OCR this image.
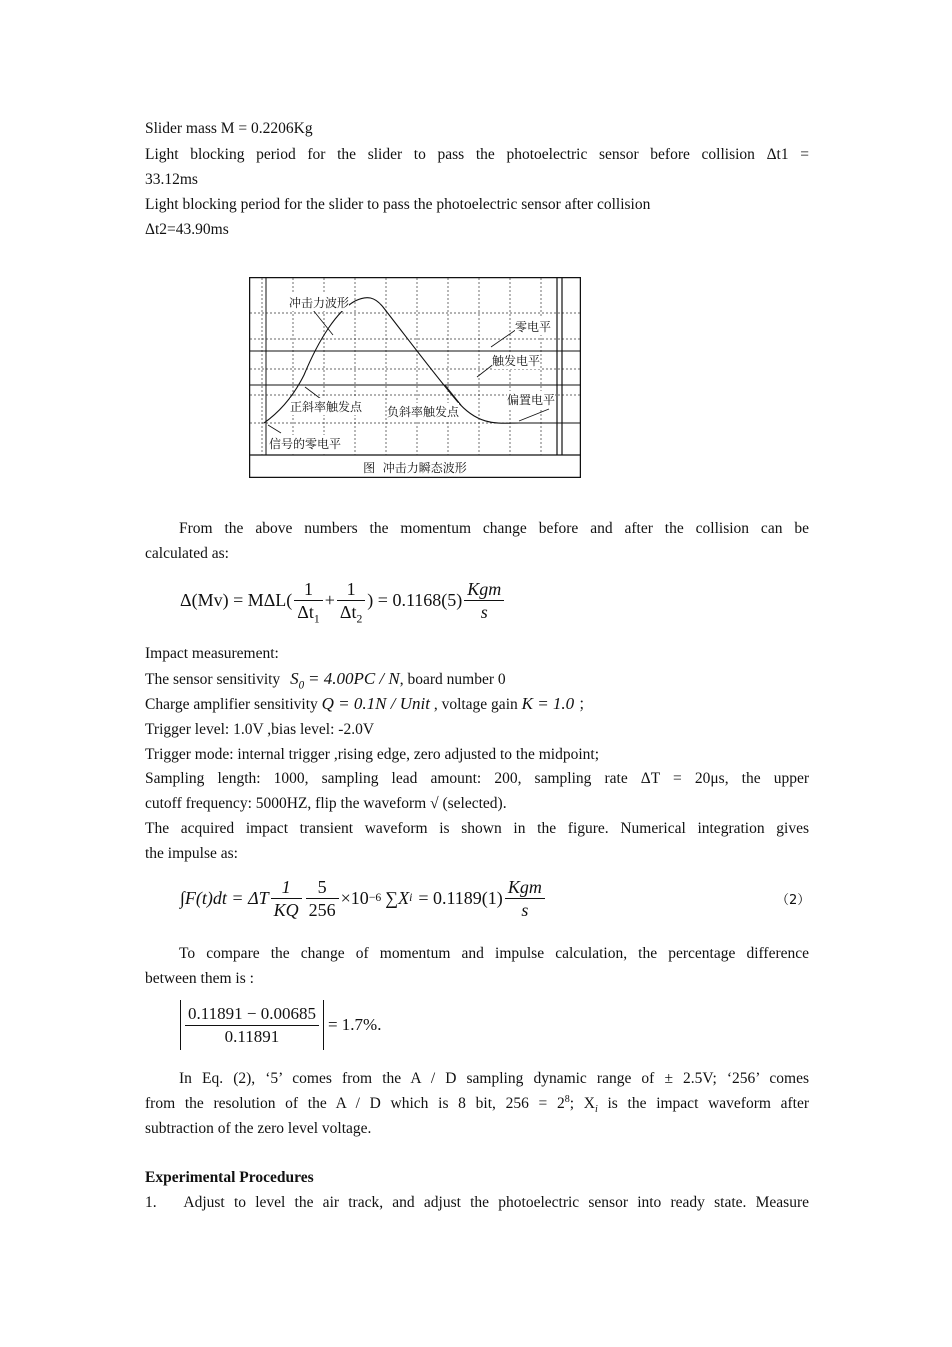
Slider mass M = 0.2206Kg
Light blocking period for the slider to pass the photoelectric sensor before collision Δt1 =
33.12ms
Light blocking period for the slider to pass the photoelectric sensor after collision
Δt2=43.90ms
冲击力波形
零电平
触发电平
偏置电平
正斜率触发点 负斜率触发点
信号的零电平
图  冲击力瞬态波形
From the above numbers the momentum change before and after the collision can be
calculated as:
$\Delta(Mv) = M\Delta L( \frac{1}{\Delta t_1} + \frac{1}{\Delta t_2}$ ) = $0.1168(5) \frac{\text{Kgm}}{s}$
Impact measurement:
The sensor sensitivity $S_0 = 4.00PC / N$, board number 0
Charge amplifier sensitivity Q = 0.1N / Unit , voltage gain K = 1.0 ；
Trigger level: 1.0V ,bias level: -2.0V
Trigger mode: internal trigger ,rising edge, zero adjusted to the midpoint;
Sampling length: 1000, sampling lead amount: 200, sampling rate ΔT = 20μs, the upper
cutoff frequency: 5000HZ, flip the waveform √ (selected).
The acquired impact transient waveform is shown in the figure. Numerical integration gives
the impulse as:
∫F(t)dt = ΔT $\frac{1}{KQ} \frac{5}{256} \times 10 -6$ ∑X $i = 0.1189(1) \frac{\text{Kgm}}{s}$	（2）
To compare the change of momentum and impulse calculation, the percentage difference
between them is :
$\frac{0.11891 - 0.00685}{0.11891} = 1.7\%$.
In Eq. (2), ‘5’ comes from the A / D sampling dynamic range of ± 2.5V; ‘256’ comes
from the resolution of the A / D which is 8 bit, $256 = 2^8$; $X_i$ is the impact waveform after
subtraction of the zero level voltage.
Experimental Procedures
1.   Adjust to level the air track, and adjust the photoelectric sensor into ready state. Measure
